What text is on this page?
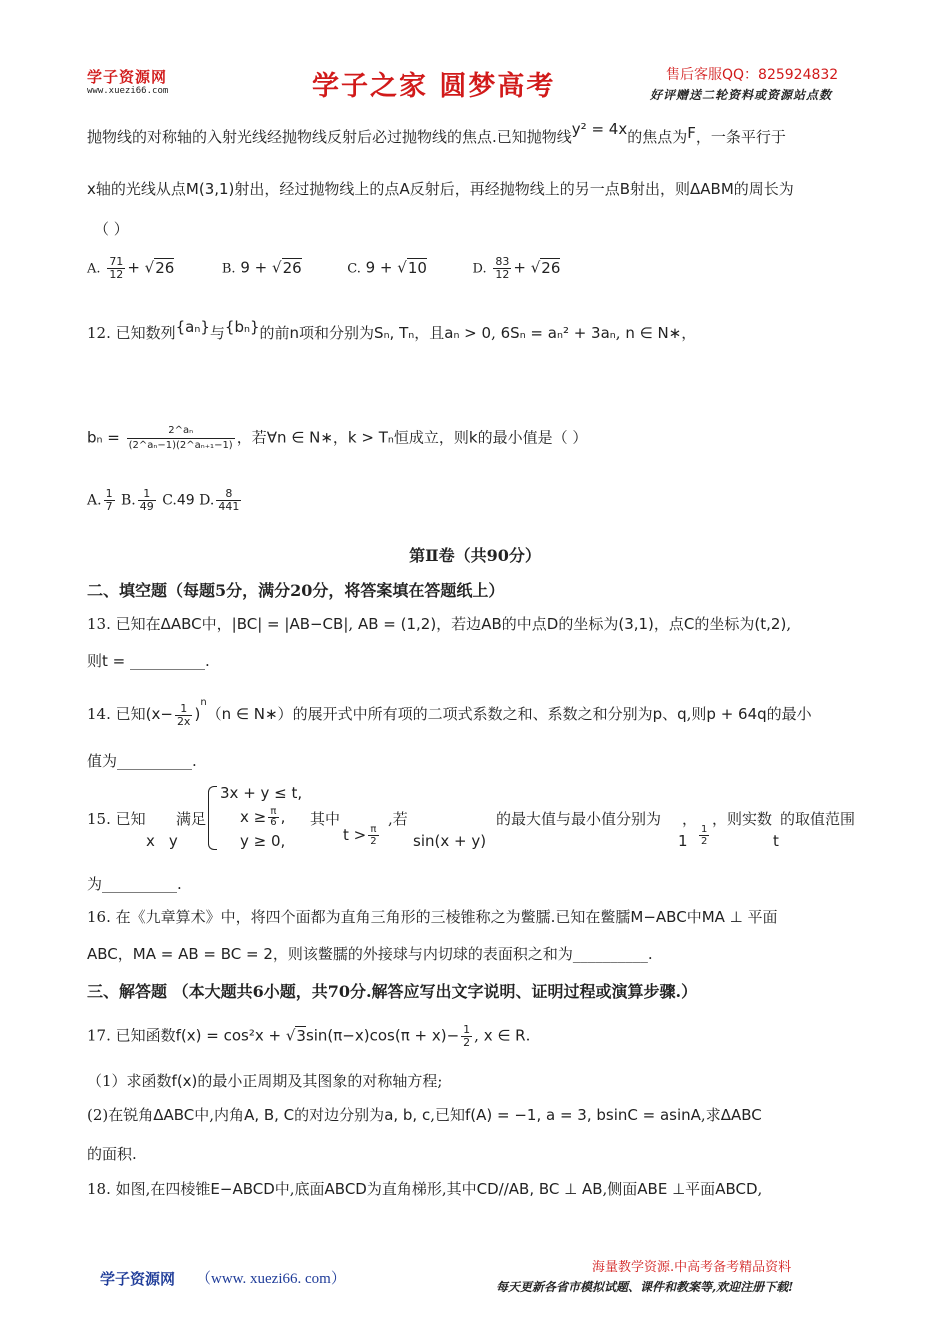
学子资源网
www.xuezi66.com	学子之家 圆梦高考	售后客服QQ：825924832
好评赠送二轮资料或资源站点数
抛物线的对称轴的入射光线经抛物线反射后必过抛物线的焦点.已知抛物线y² = 4x的焦点为F，一条平行于
x轴的光线从点M(3,1)射出，经过抛物线上的点A反射后，再经抛物线上的另一点B射出，则ΔABM的周长为
（ ）
A. $\frac{71}{12} + √26$	B. 9 + √26	C. 9 + √10	D. $\frac{83}{12} + √26$
12. 已知数列{aₙ}与{bₙ}的前n项和分别为Sₙ, Tₙ，且aₙ > 0, 6Sₙ = aₙ² + 3aₙ, n ∈ N∗，
$b_n = \frac{\text{2\textasciicircum{}aₙ}}{\text{(2\textasciicircum{}aₙ−1)(2\textasciicircum{}aₙ₊₁−1)}}$ ，若∀n ∈ N∗，k > Tₙ恒成立，则k的最小值是（ ）
A. $\frac{1}{7} B$. $\frac{1}{49} C.49$ D. $\frac{8}{441}$
第Ⅱ卷（共90分）
二、填空题（每题5分，满分20分，将答案填在答题纸上）
13. 已知在ΔABC中，|BC| = |AB−CB|, AB = (1,2)，若边AB的中点D的坐标为(3,1)，点C的坐标为(t,2),
则t = __________.
14. 已知$(x- \frac{1}{2x} )^n(n$ ∈ N∗）的展开式中所有项的二项式系数之和、系数之和分别为p、q,则p + 64q的最小
值为__________.
15. 已知
x y
满足
3x + y ≤ t,
$x \ge \frac{\pi}{6}$ ,
y ≥ 0,
其中
$t > \frac{\pi}{2}$
,若
sin(x + y)
的最大值与最小值分别为
1
，
$\frac{1}{2}$
，则实数
t
的取值范围
为__________.
16. 在《九章算术》中，将四个面都为直角三角形的三棱锥称之为鳖臑.已知在鳖臑M−ABC中MA ⊥ 平面
ABC，MA = AB = BC = 2，则该鳖臑的外接球与内切球的表面积之和为__________.
三、解答题 （本大题共6小题，共70分.解答应写出文字说明、证明过程或演算步骤.）
17. 已知函数$f(x) = \cos^2x + √3\sin(\pi-x)\cos(\pi + x)- \frac{1}{2}$ , x ∈ R.
（1）求函数f(x)的最小正周期及其图象的对称轴方程;
(2)在锐角ΔABC中,内角A, B, C的对边分别为a, b, c,已知f(A) = −1, a = 3, bsinC = asinA,求ΔABC
的面积.
18. 如图,在四棱锥E−ABCD中,底面ABCD为直角梯形,其中CD//AB, BC ⊥ AB,侧面ABE ⊥平面ABCD,
学子资源网 （www. xuezi66. com）
海量教学资源.中高考备考精品资料
每天更新各省市模拟试题、课件和教案等,欢迎注册下载!
